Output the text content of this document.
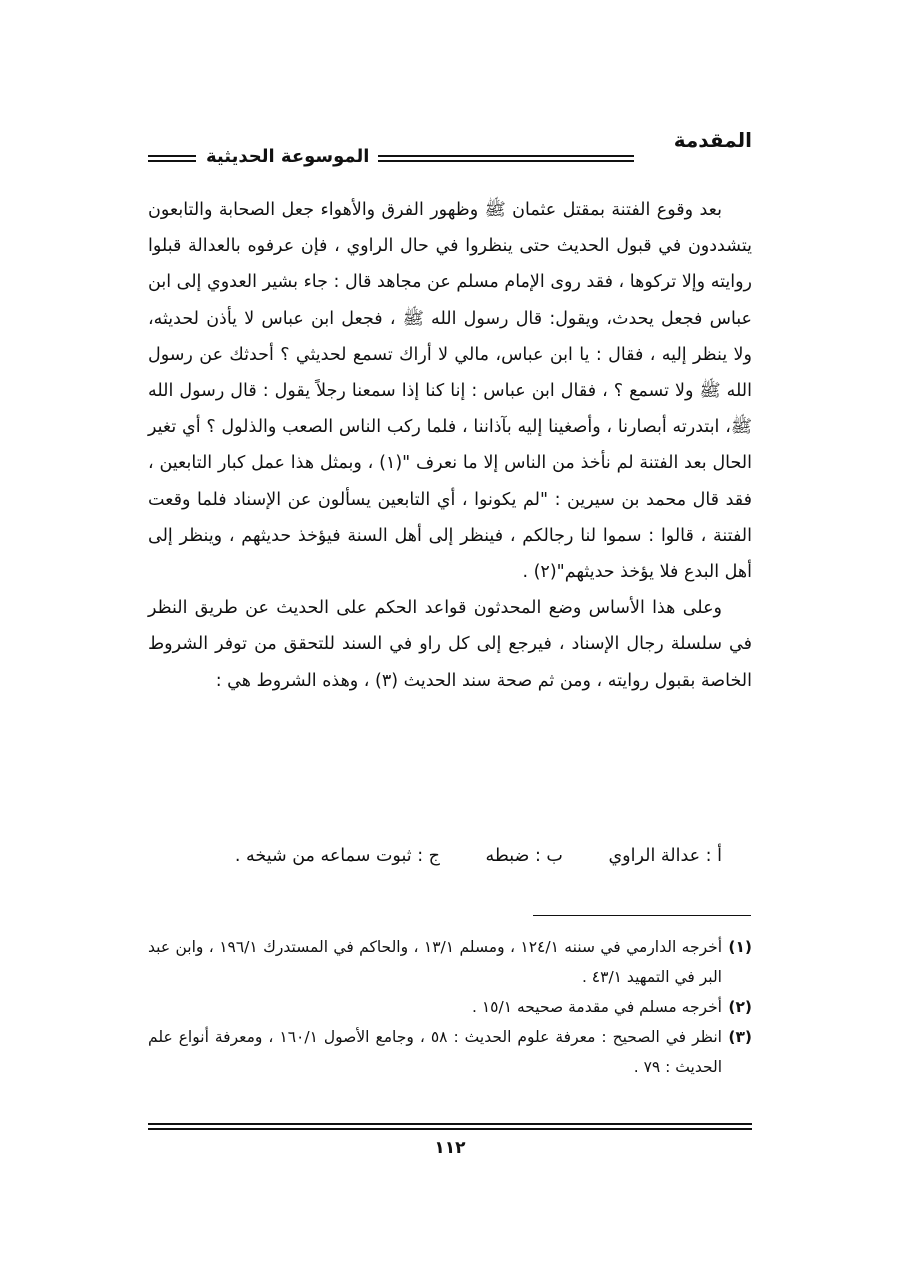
المقدمة
الموسوعة الحديثية

بعد وقوع الفتنة بمقتل عثمان ﷺ وظهور الفرق والأهواء جعل الصحابة والتابعون يتشددون في قبول الحديث حتى ينظروا في حال الراوي ، فإن عرفوه بالعدالة قبلوا روايته وإلا تركوها ، فقد روى الإمام مسلم عن مجاهد قال : جاء بشير العدوي إلى ابن عباس فجعل يحدث، ويقول: قال رسول الله ﷺ ، فجعل ابن عباس لا يأذن لحديثه، ولا ينظر إليه ، فقال : يا ابن عباس، مالي لا أراك تسمع لحديثي ؟ أحدثك عن رسول الله ﷺ ولا تسمع ؟ ، فقال ابن عباس : إنا كنا إذا سمعنا رجلاً يقول : قال رسول الله ﷺ، ابتدرته أبصارنا ، وأصغينا إليه بآذاننا ، فلما ركب الناس الصعب والذلول ؟ أي تغير الحال بعد الفتنة لم نأخذ من الناس إلا ما نعرف "(١) ، وبمثل هذا عمل كبار التابعين ، فقد قال محمد بن سيرين : "لم يكونوا ، أي التابعين يسألون عن الإسناد فلما وقعت الفتنة ، قالوا : سموا لنا رجالكم ، فينظر إلى أهل السنة فيؤخذ حديثهم ، وينظر إلى أهل البدع فلا يؤخذ حديثهم"(٢) .

وعلى هذا الأساس وضع المحدثون قواعد الحكم على الحديث عن طريق النظر في سلسلة رجال الإسناد ، فيرجع إلى كل راو في السند للتحقق من توفر الشروط الخاصة بقبول روايته ، ومن ثم صحة سند الحديث (٣) ، وهذه الشروط هي :

أ : عدالة الراوي ب : ضبطه ج : ثبوت سماعه من شيخه .
(١)
أخرجه الدارمي في سننه ١٢٤/١ ، ومسلم ١٣/١ ، والحاكم في المستدرك ١٩٦/١ ، وابن عبد البر في التمهيد ٤٣/١ .
(٢)
أخرجه مسلم في مقدمة صحيحه ١٥/١ .
(٣)
انظر في الصحيح : معرفة علوم الحديث : ٥٨ ، وجامع الأصول ١٦٠/١ ، ومعرفة أنواع علم الحديث : ٧٩ .
١١٢
